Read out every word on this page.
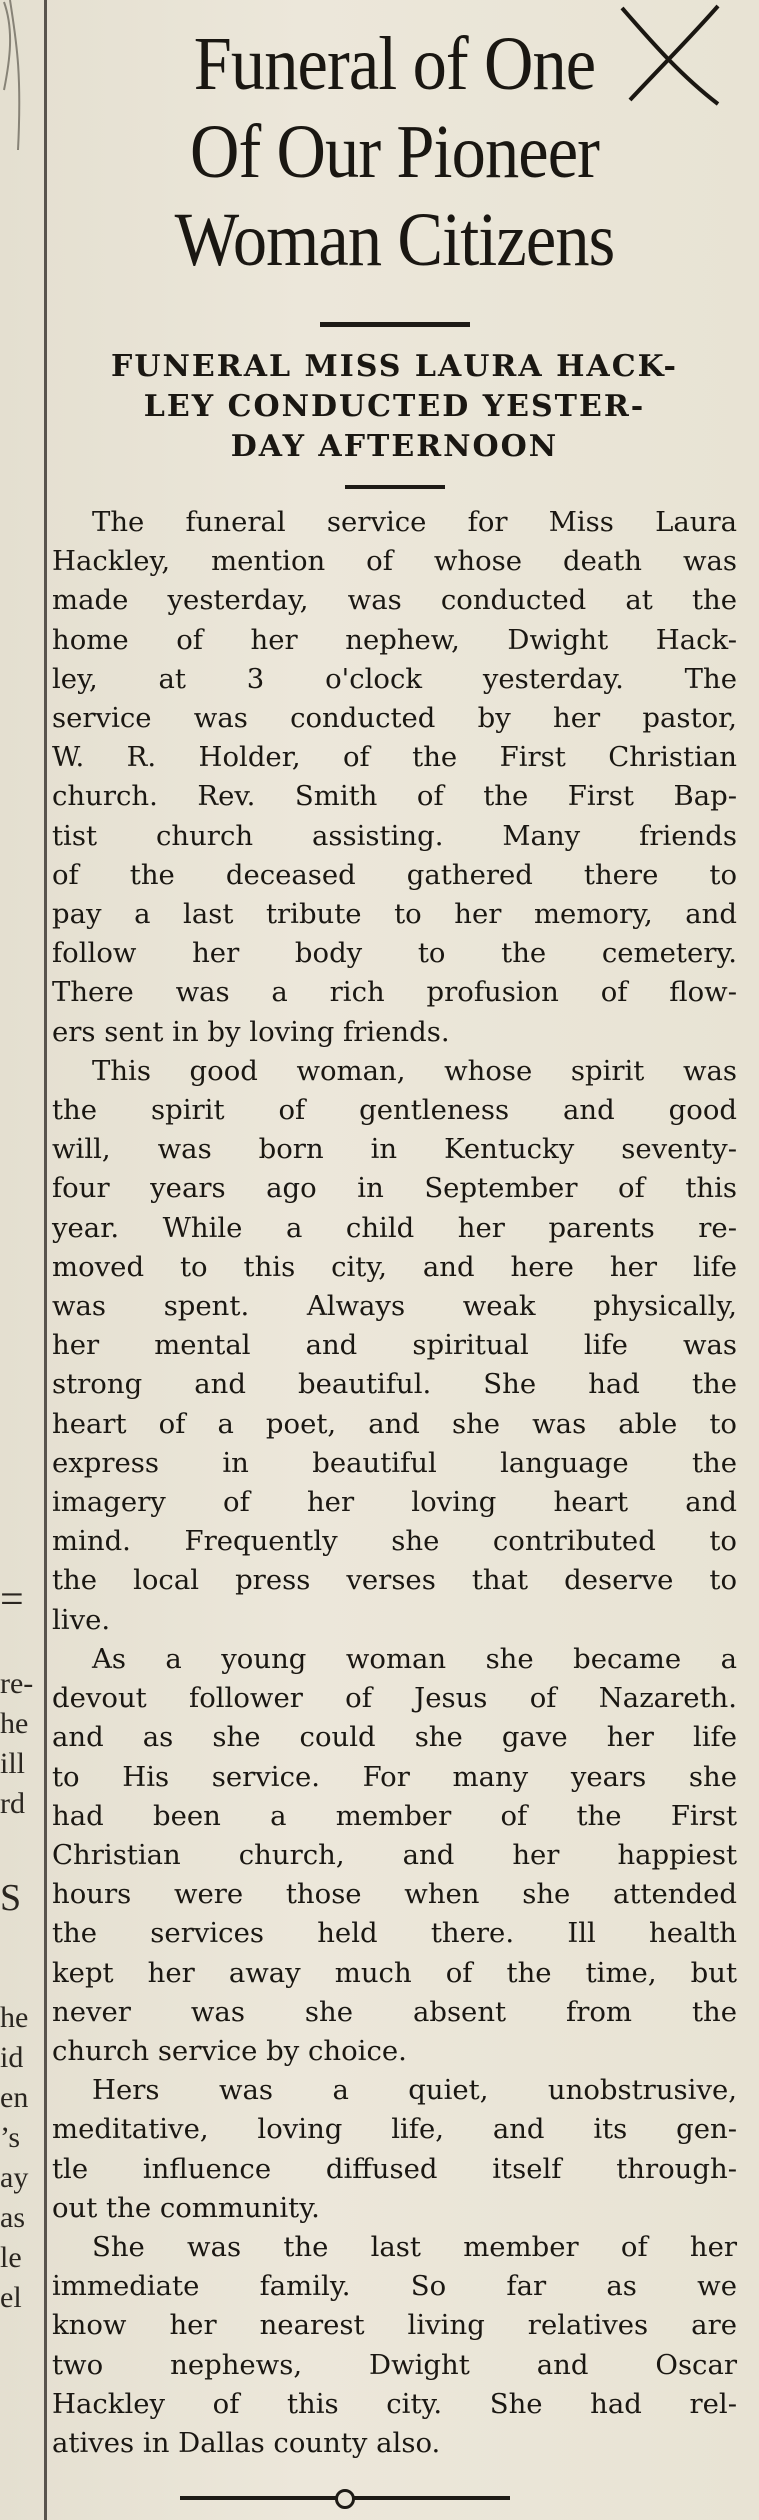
=
re-
he
ill
rd
S
he
id
en
’s
ay
as
le
el
Funeral of One
Of Our Pioneer
Woman Citizens
FUNERAL MISS LAURA HACK-
LEY CONDUCTED YESTER-
DAY AFTERNOON
The funeral service for Miss Laura
Hackley, mention of whose death was
made yesterday, was conducted at the
home of her nephew, Dwight Hack-
ley, at 3 o'clock yesterday. The
service was conducted by her pastor,
W. R. Holder, of the First Christian
church. Rev. Smith of the First Bap-
tist church assisting. Many friends
of the deceased gathered there to
pay a last tribute to her memory, and
follow her body to the cemetery.
There was a rich profusion of flow-
ers sent in by loving friends.
This good woman, whose spirit was
the spirit of gentleness and good
will, was born in Kentucky seventy-
four years ago in September of this
year. While a child her parents re-
moved to this city, and here her life
was spent. Always weak physically,
her mental and spiritual life was
strong and beautiful. She had the
heart of a poet, and she was able to
express in beautiful language the
imagery of her loving heart and
mind. Frequently she contributed to
the local press verses that deserve to
live.
As a young woman she became a
devout follower of Jesus of Nazareth.
and as she could she gave her life
to His service. For many years she
had been a member of the First
Christian church, and her happiest
hours were those when she attended
the services held there. Ill health
kept her away much of the time, but
never was she absent from the
church service by choice.
Hers was a quiet, unobstrusive,
meditative, loving life, and its gen-
tle influence diffused itself through-
out the community.
She was the last member of her
immediate family. So far as we
know her nearest living relatives are
two nephews, Dwight and Oscar
Hackley of this city. She had rel-
atives in Dallas county also.
